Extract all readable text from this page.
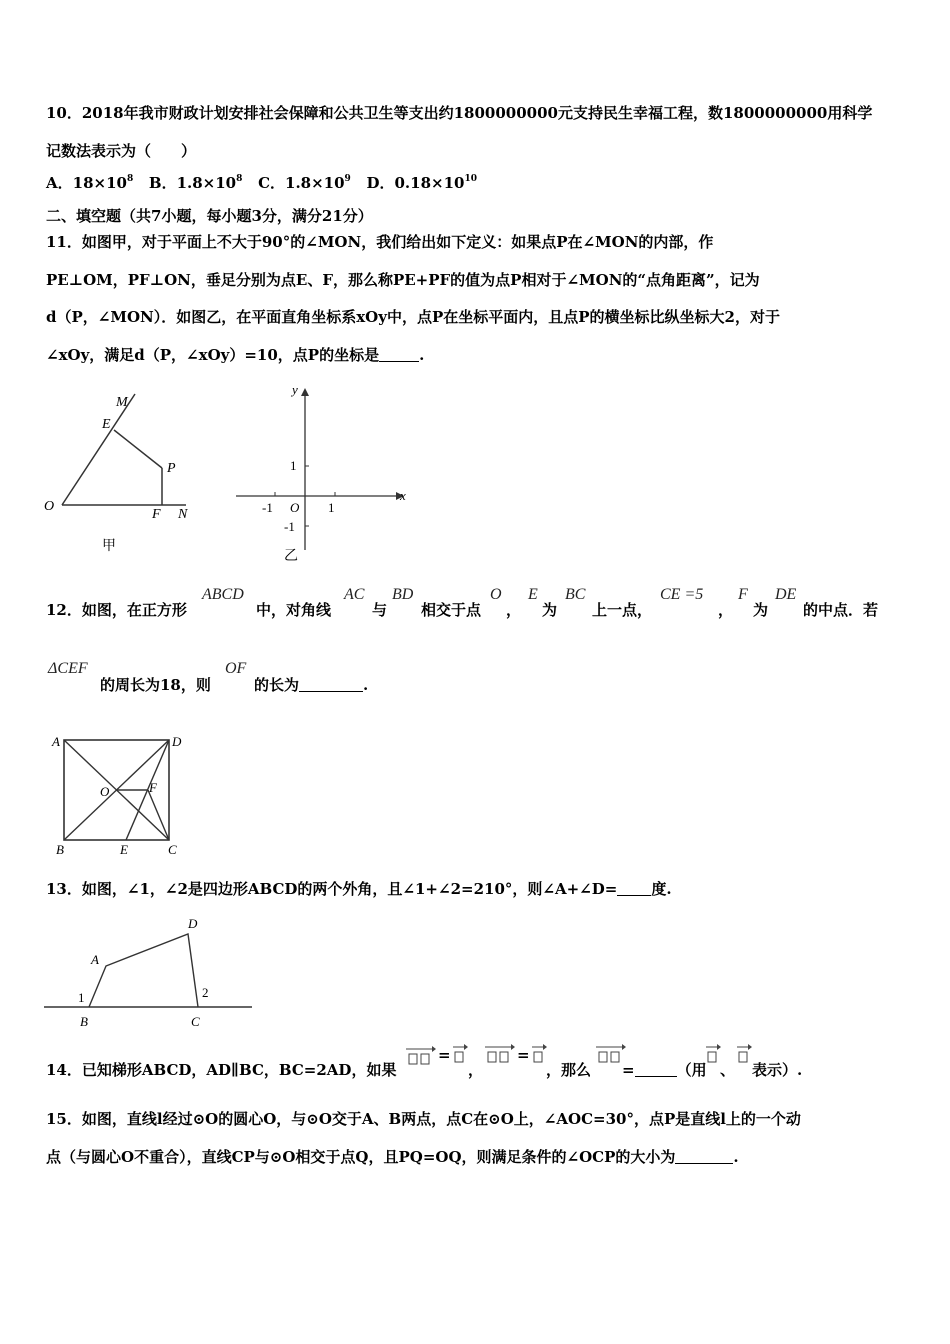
10．2018年我市财政计划安排社会保障和公共卫生等支出约1800000000元支持民生幸福工程，数1800000000用科学
记数法表示为（　　）
A．$18\times 10^8$ B．$1.8\times 10^8$ C．$1.8\times 10^9$ D．$0.18\times 10^{10}$
二、填空题（共7小题，每小题3分，满分21分）
11．如图甲，对于平面上不大于90°的∠MON，我们给出如下定义：如果点P在∠MON的内部，作
PE⊥OM，PF⊥ON，垂足分别为点E、F，那么称PE+PF的值为点P相对于∠MON的“点角距离”，记为
d（P，∠MON）．如图乙，在平面直角坐标系xOy中，点P在坐标平面内，且点P的横坐标比纵坐标大2，对于
∠xOy，满足d（P，∠xOy）=10，点P的坐标是	.
M
E
P
O
F N
甲
y
x
1
-1 O 1
-1
乙
12．如图，在正方形
ABCD
中，对角线
AC
与
BD
相交于点
O
，
E
为
BC
上一点，
CE =5
，
F
为
DE
的中点．若
ΔCEF
的周长为18，则
OF
的长为	.
A	D
O	F
B	E	C
13．如图，∠1，∠2是四边形ABCD的两个外角，且∠1+∠2=210°，则∠A+∠D= 度.
D
A
1	2
B	C
14．已知梯形ABCD，AD∥BC，BC=2AD，如果
=
，
=
，那么 =	（用 、 表示）.
15．如图，直线l经过⊙O的圆心O，与⊙O交于A、B两点，点C在⊙O上，∠AOC=30°，点P是直线l上的一个动
点（与圆心O不重合），直线CP与⊙O相交于点Q，且PQ=OQ，则满足条件的∠OCP的大小为	.
